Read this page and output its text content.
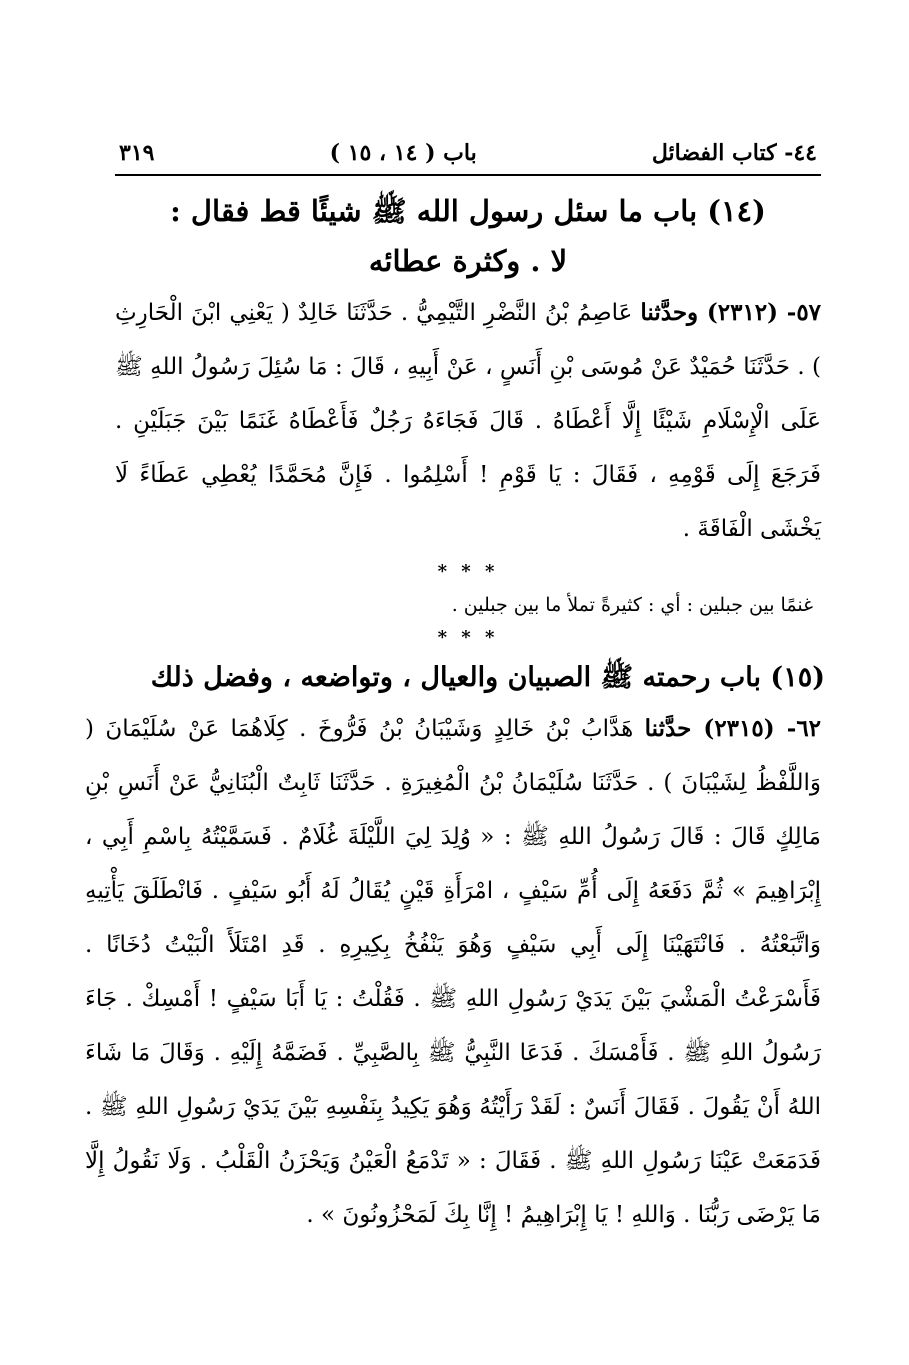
٤٤- كتاب الفضائل
باب ( ١٤ ، ١٥ )
٣١٩
(١٤) باب ما سئل رسول الله ﷺ شيئًا قط فقال :
لا . وكثرة عطائه

٥٧- (٢٣١٢) وحدَّثنا عَاصِمُ بْنُ النَّضْرِ التَّيْمِيُّ . حَدَّثَنَا خَالِدٌ ( يَعْنِي ابْنَ الْحَارِثِ ) . حَدَّثَنَا حُمَيْدٌ عَنْ مُوسَى بْنِ أَنَسٍ ، عَنْ أَبِيهِ ، قَالَ : مَا سُئِلَ رَسُولُ اللهِ ﷺ عَلَى الْإِسْلَامِ شَيْئًا إِلَّا أَعْطَاهُ . قَالَ فَجَاءَهُ رَجُلٌ فَأَعْطَاهُ غَنَمًا بَيْنَ جَبَلَيْنِ . فَرَجَعَ إِلَى قَوْمِهِ ، فَقَالَ : يَا قَوْمِ ! أَسْلِمُوا . فَإِنَّ مُحَمَّدًا يُعْطِي عَطَاءً لَا يَخْشَى الْفَاقَةَ .

* * *

غنمًا بين جبلين : أي : كثيرةً تملأ ما بين جبلين .

* * *
(١٥) باب رحمته ﷺ الصبيان والعيال ، وتواضعه ، وفضل ذلك

٦٢- (٢٣١٥) حدَّثنا هَدَّابُ بْنُ خَالِدٍ وَشَيْبَانُ بْنُ فَرُّوخَ . كِلَاهُمَا عَنْ سُلَيْمَانَ ( وَاللَّفْظُ لِشَيْبَانَ ) . حَدَّثَنَا سُلَيْمَانُ بْنُ الْمُغِيرَةِ . حَدَّثَنَا ثَابِتٌ الْبُنَانِيُّ عَنْ أَنَسِ بْنِ مَالِكٍ قَالَ : قَالَ رَسُولُ اللهِ ﷺ : « وُلِدَ لِيَ اللَّيْلَةَ غُلَامٌ . فَسَمَّيْتُهُ بِاسْمِ أَبِي ، إِبْرَاهِيمَ » ثُمَّ دَفَعَهُ إِلَى أُمِّ سَيْفٍ ، امْرَأَةِ قَيْنٍ يُقَالُ لَهُ أَبُو سَيْفٍ . فَانْطَلَقَ يَأْتِيهِ وَاتَّبَعْتُهُ . فَانْتَهَيْنَا إِلَى أَبِي سَيْفٍ وَهُوَ يَنْفُخُ بِكِيرِهِ . قَدِ امْتَلَأَ الْبَيْتُ دُخَانًا . فَأَسْرَعْتُ الْمَشْيَ بَيْنَ يَدَيْ رَسُولِ اللهِ ﷺ . فَقُلْتُ : يَا أَبَا سَيْفٍ ! أَمْسِكْ . جَاءَ رَسُولُ اللهِ ﷺ . فَأَمْسَكَ . فَدَعَا النَّبِيُّ ﷺ بِالصَّبِيِّ . فَضَمَّهُ إِلَيْهِ . وَقَالَ مَا شَاءَ اللهُ أَنْ يَقُولَ . فَقَالَ أَنَسٌ : لَقَدْ رَأَيْتُهُ وَهُوَ يَكِيدُ بِنَفْسِهِ بَيْنَ يَدَيْ رَسُولِ اللهِ ﷺ . فَدَمَعَتْ عَيْنَا رَسُولِ اللهِ ﷺ . فَقَالَ : « تَدْمَعُ الْعَيْنُ وَيَحْزَنُ الْقَلْبُ . وَلَا نَقُولُ إِلَّا مَا يَرْضَى رَبُّنَا . وَاللهِ ! يَا إِبْرَاهِيمُ ! إِنَّا بِكَ لَمَحْزُونُونَ » .
